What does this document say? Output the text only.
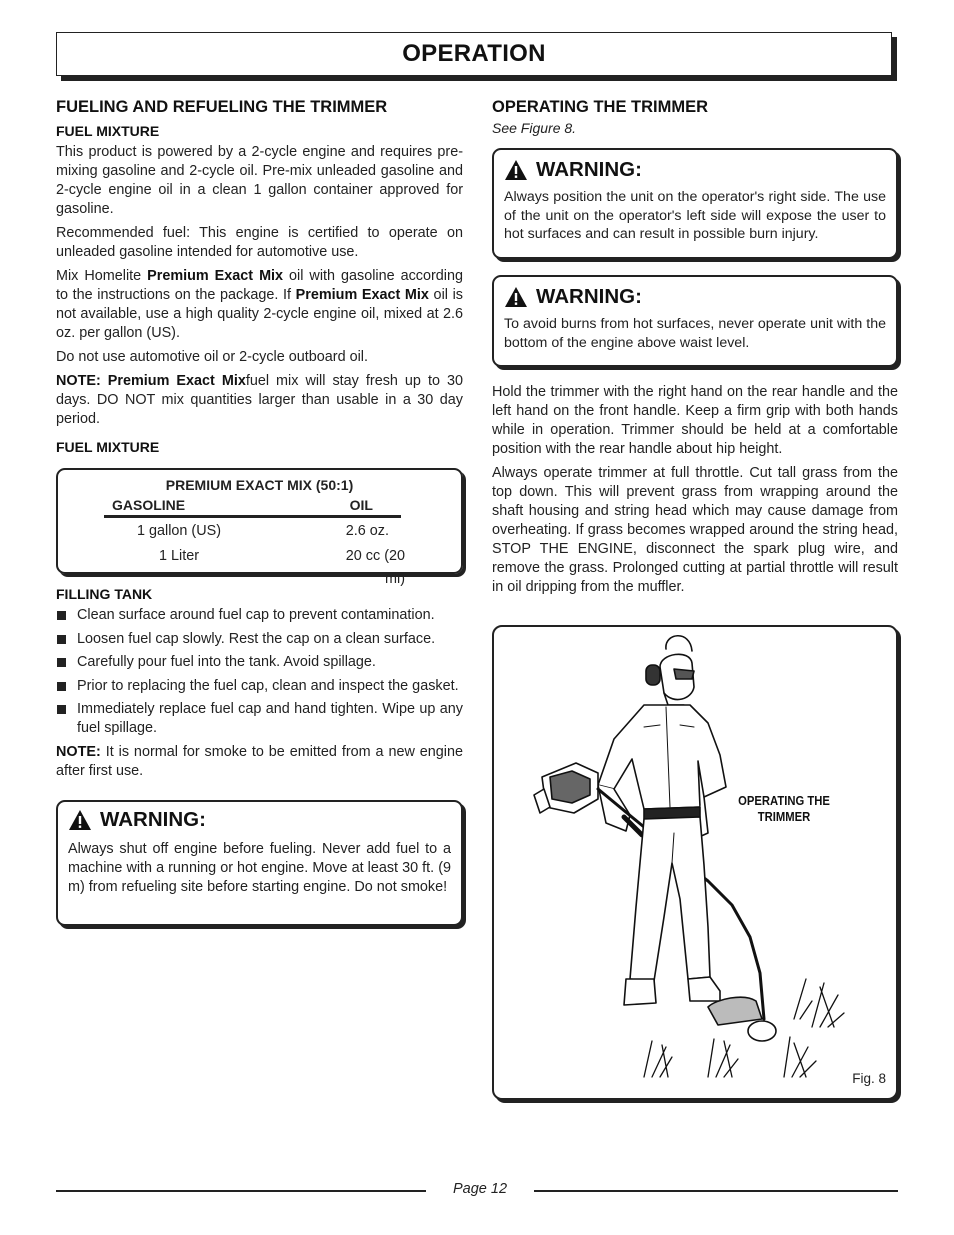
OPERATION
FUELING AND REFUELING THE TRIMMER
FUEL MIXTURE

This product is powered by a 2-cycle engine and requires pre-mixing gasoline and 2-cycle oil. Pre-mix unleaded gasoline and 2-cycle engine oil in a clean 1 gallon container approved for gasoline.

Recommended fuel: This engine is certified to operate on unleaded gasoline intended for automotive use.

Mix Homelite Premium Exact Mix oil with gasoline according to the instructions on the package. If Premium Exact Mix oil is not available, use a high quality 2-cycle engine oil, mixed at 2.6 oz. per gallon (US).

Do not use automotive oil or 2-cycle outboard oil.

NOTE: Premium Exact Mixfuel mix will stay fresh up to 30 days. DO NOT mix quantities larger than usable in a 30 day period.

FUEL MIXTURE
PREMIUM EXACT MIX (50:1)
GASOLINE	OIL
1 gallon (US)	2.6 oz.
1 Liter	20 cc (20 ml)
FILLING TANK
Clean surface around fuel cap to prevent contamination.
Loosen fuel cap slowly. Rest the cap on a clean surface.
Carefully pour fuel into the tank. Avoid spillage.
Prior to replacing the fuel cap, clean and inspect the gasket.
Immediately replace fuel cap and hand tighten. Wipe up any fuel spillage.

NOTE: It is normal for smoke to be emitted from a new engine after first use.

WARNING:

Always shut off engine before fueling. Never add fuel to a machine with a running or hot engine. Move at least 30 ft. (9 m) from refueling site before starting engine. Do not smoke!

OPERATING THE TRIMMER

See Figure 8.

WARNING:

Always position the unit on the operator's right side. The use of the unit on the operator's left side will expose the user to hot surfaces and can result in possible burn injury.

WARNING:

To avoid burns from hot surfaces, never operate unit with the bottom of the engine above waist level.

Hold the trimmer with the right hand on the rear handle and the left hand on the front handle. Keep a firm grip with both hands while in operation. Trimmer should be held at a comfortable position with the rear handle about hip height.

Always operate trimmer at full throttle. Cut tall grass from the top down. This will prevent grass from wrapping around the shaft housing and string head which may cause damage from overheating. If grass becomes wrapped around the string head, STOP THE ENGINE, disconnect the spark plug wire, and remove the grass. Prolonged cutting at partial throttle will result in oil dripping from the muffler.

OPERATING THE
TRIMMER
Fig. 8
Page 12
